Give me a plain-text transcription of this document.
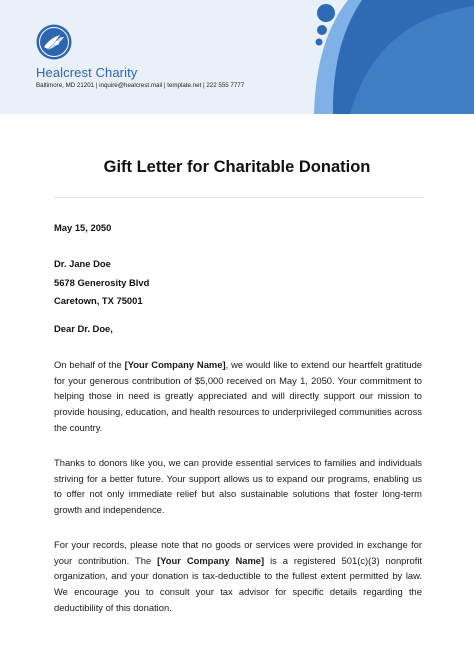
Healcrest Charity
Baltimore, MD 21201 | inquire@healcrest.mail | template.net | 222 555 7777
Gift Letter for Charitable Donation
May 15, 2050
Dr. Jane Doe
5678 Generosity Blvd
Caretown, TX 75001
Dear Dr. Doe,
On behalf of the [Your Company Name], we would like to extend our heartfelt gratitude for your generous contribution of $5,000 received on May 1, 2050. Your commitment to helping those in need is greatly appreciated and will directly support our mission to provide housing, education, and health resources to underprivileged communities across the country.
Thanks to donors like you, we can provide essential services to families and individuals striving for a better future. Your support allows us to expand our programs, enabling us to offer not only immediate relief but also sustainable solutions that foster long-term growth and independence.
For your records, please note that no goods or services were provided in exchange for your contribution. The [Your Company Name] is a registered 501(c)(3) nonprofit organization, and your donation is tax-deductible to the fullest extent permitted by law. We encourage you to consult your tax advisor for specific details regarding the deductibility of this donation.
